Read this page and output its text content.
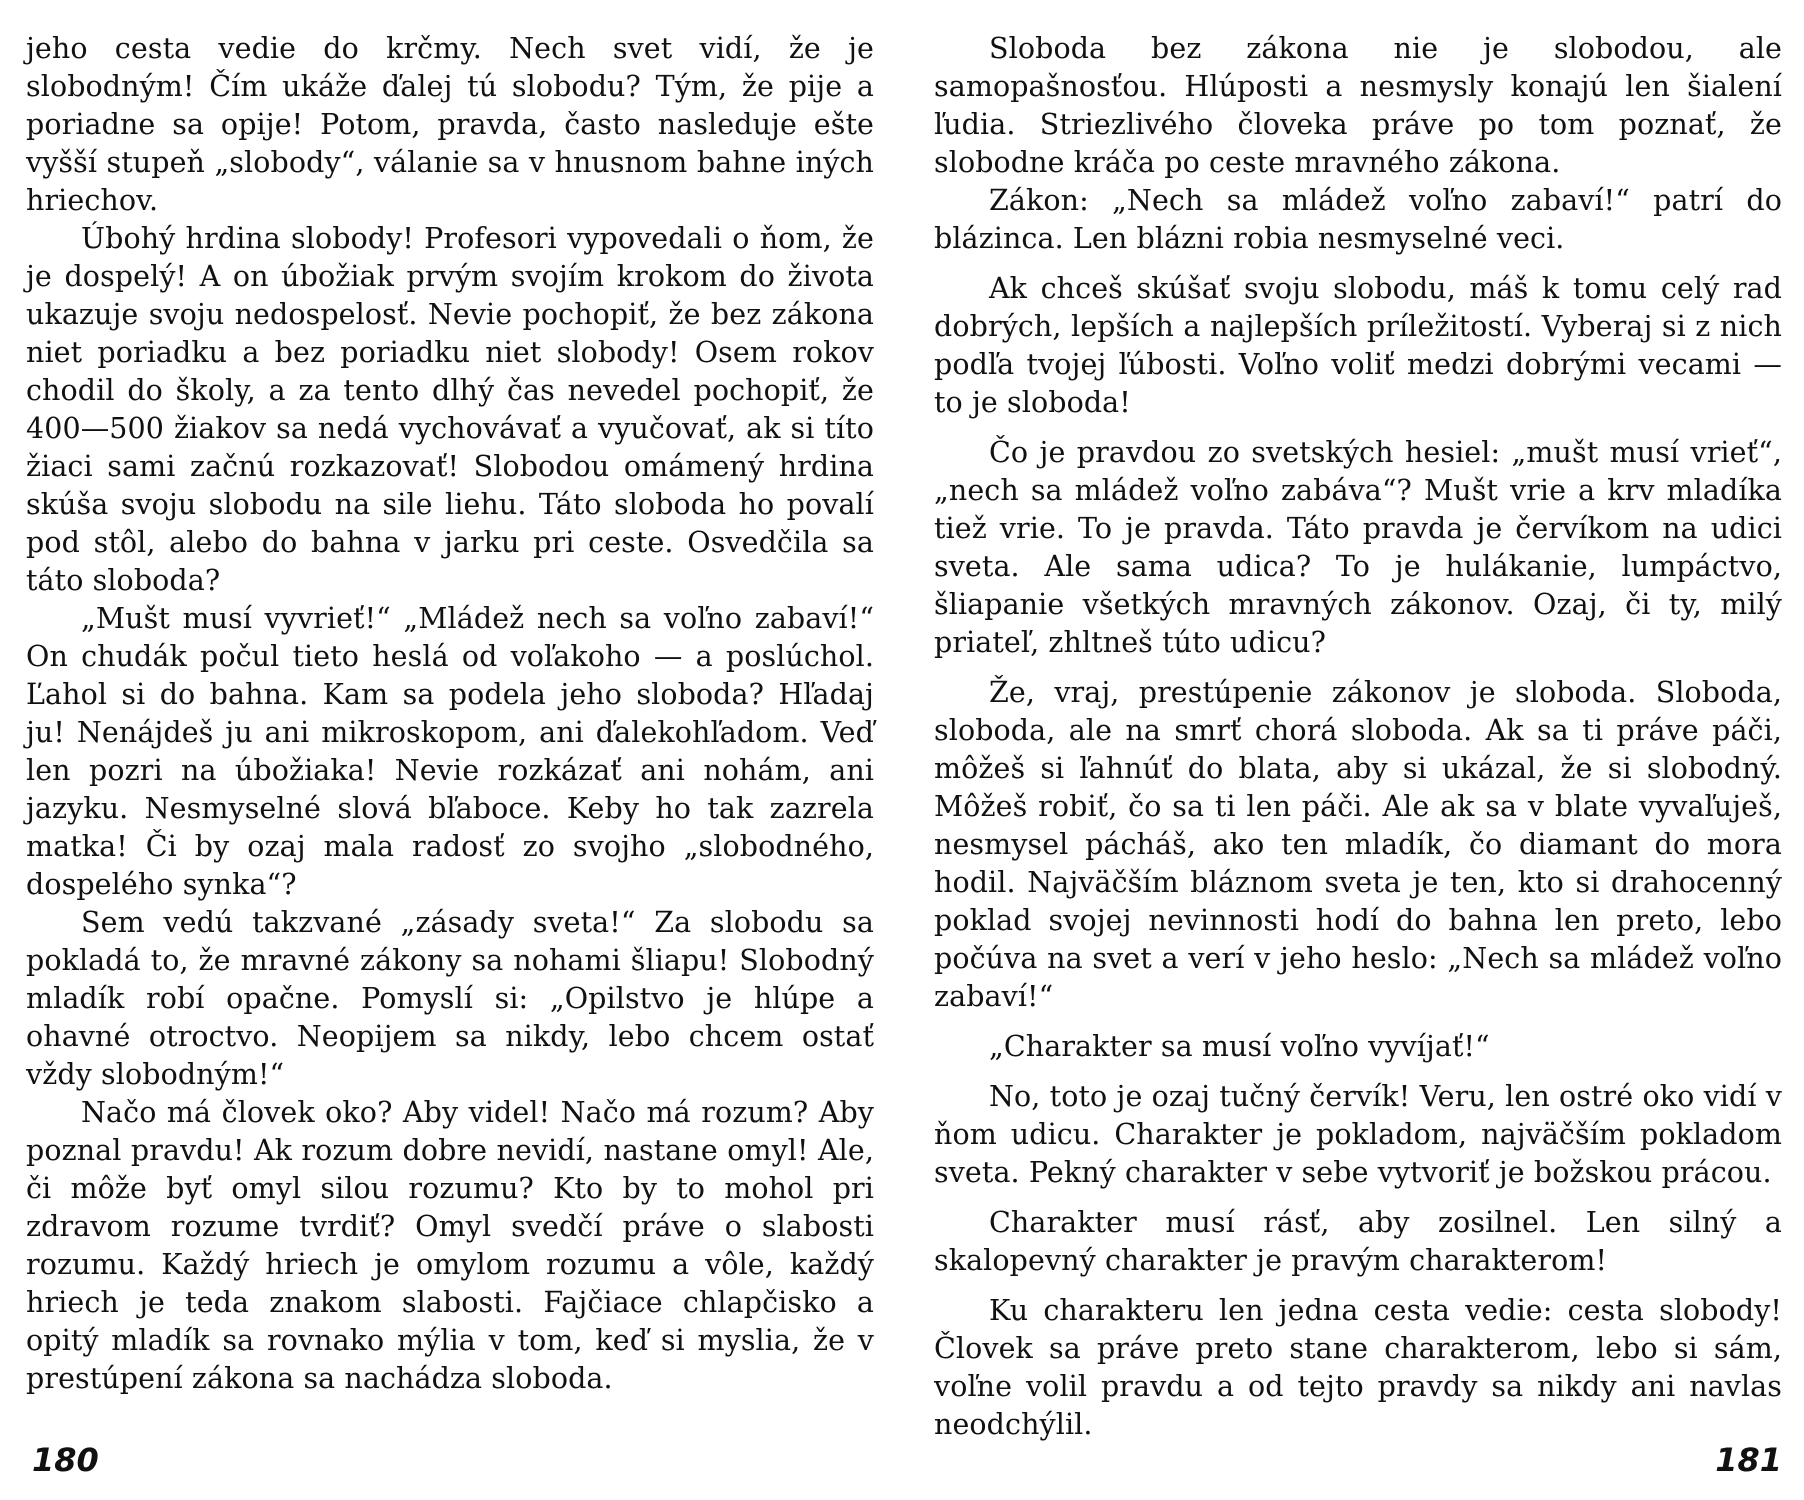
jeho cesta vedie do krčmy. Nech svet vidí, že je slobodným! Čím ukáže ďalej tú slobodu? Tým, že pije a poriadne sa opije! Potom, pravda, často nasleduje ešte vyšší stupeň „slobody“, válanie sa v hnusnom bahne iných hriechov.

Úbohý hrdina slobody! Profesori vypovedali o ňom, že je dospelý! A on úbožiak prvým svojím krokom do života ukazuje svoju nedospelosť. Nevie pochopiť, že bez zákona niet poriadku a bez poriadku niet slobody! Osem rokov chodil do školy, a za tento dlhý čas nevedel pochopiť, že 400—500 žiakov sa nedá vychovávať a vyučovať, ak si títo žiaci sami začnú rozkazovať! Slobodou omámený hrdina skúša svoju slobodu na sile liehu. Táto sloboda ho povalí pod stôl, alebo do bahna v jarku pri ceste. Osvedčila sa táto sloboda?

„Mušt musí vyvrieť!“ „Mládež nech sa voľno zabaví!“ On chudák počul tieto heslá od voľakoho — a poslúchol. Ľahol si do bahna. Kam sa podela jeho sloboda? Hľadaj ju! Nenájdeš ju ani mikroskopom, ani ďalekohľadom. Veď len pozri na úbožiaka! Nevie rozkázať ani nohám, ani jazyku. Nesmyselné slová bľaboce. Keby ho tak zazrela matka! Či by ozaj mala radosť zo svojho „slobodného, dospelého synka“?

Sem vedú takzvané „zásady sveta!“ Za slobodu sa pokladá to, že mravné zákony sa nohami šliapu! Slobodný mladík robí opačne. Pomyslí si: „Opilstvo je hlúpe a ohavné otroctvo. Neopijem sa nikdy, lebo chcem ostať vždy slobodným!“

Načo má človek oko? Aby videl! Načo má rozum? Aby poznal pravdu! Ak rozum dobre nevidí, nastane omyl! Ale, či môže byť omyl silou rozumu? Kto by to mohol pri zdravom rozume tvrdiť? Omyl svedčí práve o slabosti rozumu. Každý hriech je omylom rozumu a vôle, každý hriech je teda znakom slabosti. Fajčiace chlapčisko a opitý mladík sa rovnako mýlia v tom, keď si myslia, že v prestúpení zákona sa nachádza sloboda.

180

Sloboda bez zákona nie je slobodou, ale samopašnosťou. Hlúposti a nesmysly konajú len šialení ľudia. Striezlivého človeka práve po tom poznať, že slobodne kráča po ceste mravného zákona.

Zákon: „Nech sa mládež voľno zabaví!“ patrí do blázinca. Len blázni robia nesmyselné veci.

Ak chceš skúšať svoju slobodu, máš k tomu celý rad dobrých, lepších a najlepších príležitostí. Vyberaj si z nich podľa tvojej ľúbosti. Voľno voliť medzi dobrými vecami — to je sloboda!

Čo je pravdou zo svetských hesiel: „mušt musí vrieť“, „nech sa mládež voľno zabáva“? Mušt vrie a krv mladíka tiež vrie. To je pravda. Táto pravda je červíkom na udici sveta. Ale sama udica? To je hulákanie, lumpáctvo, šliapanie všetkých mravných zákonov. Ozaj, či ty, milý priateľ, zhltneš túto udicu?

Že, vraj, prestúpenie zákonov je sloboda. Sloboda, sloboda, ale na smrť chorá sloboda. Ak sa ti práve páči, môžeš si ľahnúť do blata, aby si ukázal, že si slobodný. Môžeš robiť, čo sa ti len páči. Ale ak sa v blate vyvaľuješ, nesmysel pácháš, ako ten mladík, čo diamant do mora hodil. Najväčším bláznom sveta je ten, kto si drahocenný poklad svojej nevinnosti hodí do bahna len preto, lebo počúva na svet a verí v jeho heslo: „Nech sa mládež voľno zabaví!“

„Charakter sa musí voľno vyvíjať!“

No, toto je ozaj tučný červík! Veru, len ostré oko vidí v ňom udicu. Charakter je pokladom, najväčším pokladom sveta. Pekný charakter v sebe vytvoriť je božskou prácou.

Charakter musí rásť, aby zosilnel. Len silný a skalopevný charakter je pravým charakterom!

Ku charakteru len jedna cesta vedie: cesta slobody! Človek sa práve preto stane charakterom, lebo si sám, voľne volil pravdu a od tejto pravdy sa nikdy ani navlas neodchýlil.

181
